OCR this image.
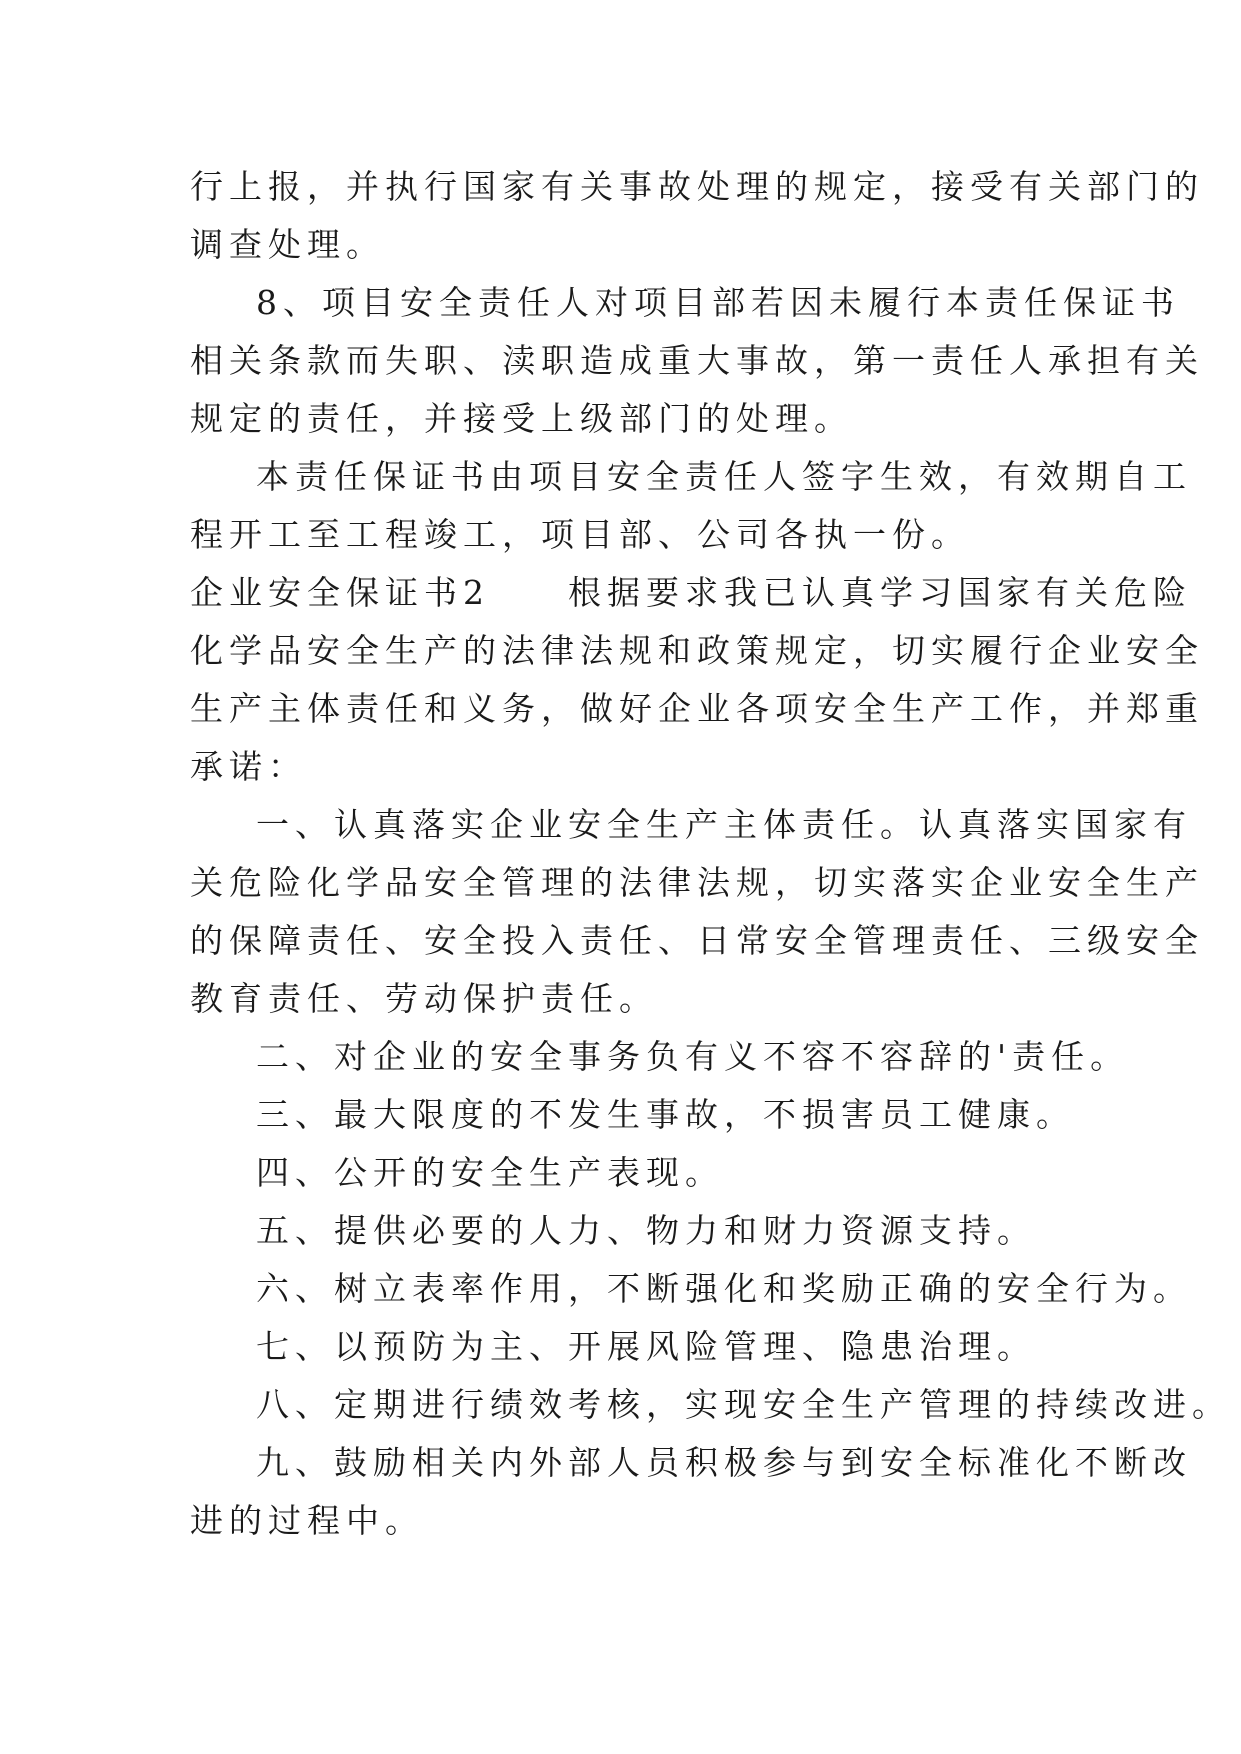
行上报，并执行国家有关事故处理的规定，接受有关部门的
调查处理。
8、项目安全责任人对项目部若因未履行本责任保证书
相关条款而失职、渎职造成重大事故，第一责任人承担有关
规定的责任，并接受上级部门的处理。
本责任保证书由项目安全责任人签字生效，有效期自工
程开工至工程竣工，项目部、公司各执一份。
企业安全保证书2　　根据要求我已认真学习国家有关危险
化学品安全生产的法律法规和政策规定，切实履行企业安全
生产主体责任和义务，做好企业各项安全生产工作，并郑重
承诺：
一、认真落实企业安全生产主体责任。认真落实国家有
关危险化学品安全管理的法律法规，切实落实企业安全生产
的保障责任、安全投入责任、日常安全管理责任、三级安全
教育责任、劳动保护责任。
二、对企业的安全事务负有义不容不容辞的'责任。
三、最大限度的不发生事故，不损害员工健康。
四、公开的安全生产表现。
五、提供必要的人力、物力和财力资源支持。
六、树立表率作用，不断强化和奖励正确的安全行为。
七、以预防为主、开展风险管理、隐患治理。
八、定期进行绩效考核，实现安全生产管理的持续改进。
九、鼓励相关内外部人员积极参与到安全标准化不断改
进的过程中。
